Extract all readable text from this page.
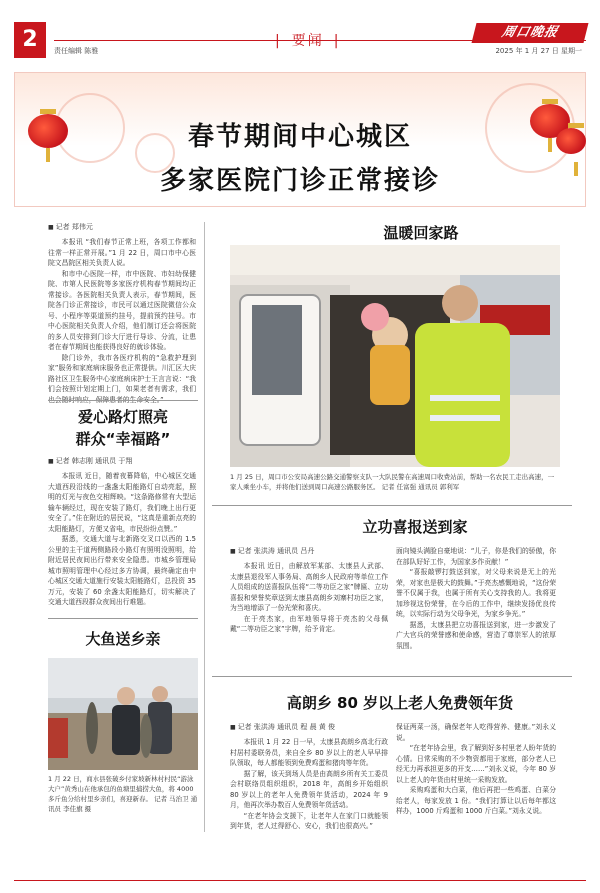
2	| 要闻 |
周口晚报
责任编辑 陈雅	2025 年 1 月 27 日 星期一
春节期间中心城区
多家医院门诊正常接诊
■ 记者 郑伟元

本报讯 “我们春节正常上班，各项工作都和往常一样正常开展。”1 月 22 日，周口市中心医院文昌院区相关负责人说。

和市中心医院一样，市中医院、市妇幼保健院、市第人民医院等多家医疗机构春节期间均正常接诊。各医院相关负责人表示，春节期间，医院各门诊正常接诊，市民可以通过医院微信公众号、小程序等渠道预约挂号，提前预约挂号。市中心医院相关负责人介绍，他们制订还会将医院的多人员安排到门诊大厅进行导诊、分流，让患者在春节期间也能获得良好的就诊体验。

除门诊外，我市各医疗机构的“急救护理到家”服务和家庭病床服务也正常提供。川汇区大庆路社区卫生服务中心家庭病床护士王言言说：“我们会按照计划定期上门，如果老者有需求，我们也会随时响应，保障患者的生命安全。”

爱心路灯照亮
群众“幸福路”
■ 记者 韩志刚 通讯员 于翔

本报讯 近日，随着夜幕降临，中心城区交通大道西段沿线的一盏盏太阳能路灯自动亮起，照明的灯光与夜色交相辉映。“这条路修常有大型运输车辆经过，现在安装了路灯，我们晚上出行更安全了。”住在附近的居民说，“这真是重新点亮的太阳能路灯，方便又省电，市民纷纷点赞。”

据悉，交通大道与北新路交叉口以西的 1.5 公里的主干道两侧路段小路灯有照明没照明，给附近居民夜间出行带来安全隐患。市城乡管理局城市照明管理中心经过多方协调，最终确定由中心城区交通大道施行安装太阳能路灯，总投资 35 万元，安装了 60 余盏太阳能路灯，切实解决了交通大道西段群众夜间出行难题。

大鱼送乡亲
1 月 22 日，商水县张破乡付家坡新林村村民“游泳大户”黄秀山在他承包的鱼塘里捕捞大鱼，将 4000 多斤鱼分给村里乡亲们，喜迎新春。 记者 马治卫 通讯员 李佳旗 摄
温暖回家路
1 月 25 日，周口市公安局高速公路交通警察支队一大队民警在高速周口收费站前，帮助一名农民工走出高速，一家人乘坐小车，并将他们送到周口高速公路服务区。 记者 任富强 通讯员 郭利军
立功喜报送到家
■ 记者 张洪涛 通讯员 吕丹

本报讯 近日，由解放军某部、太康县人武部、太康县退役军人事务局、高朗乡人民政府等单位工作人员组成的送喜报队伍将“二等功臣之家”牌匾、立功喜报和荣誉奖章送到太康县高朗乡刘寨村功臣之家，为当地增添了一份光荣和喜庆。

在于亮杰家，由军地领导将于亮杰的父母佩戴“二等功臣之家”字牌，给予肯定。

面向镜头满脸自豪地说：“儿子，你是我们的骄傲，你在部队好好工作，为国家多作贡献！”

“喜报敲锣打鼓送到家，对父母来说是无上的光荣，对家也是极大的鼓舞。”于亮杰感慨地说，“这份荣誉不仅属于我，也属于所有关心支持我的人。我将更加珍视这份荣誉，在今后的工作中，继续发扬优良传统，以实际行动为父母争光，为家乡争光。”

据悉，太康县把立功喜报送到家，进一步激发了广大官兵的荣誉感和使命感，营造了尊崇军人的浓厚氛围。

高朗乡 80 岁以上老人免费领年货
■ 记者 张洪涛 通讯员 程 晨 黄 俊

本报讯 1 月 22 日一早，太康县高朗乡高北行政村居村委联务员，来自全乡 80 岁以上的老人早早排队领取，每人都能领到免费鸡蛋和猪肉等年货。

据了解，该天到场人员是由高朗乡所有关工委员会村联络员组织组织，2018 年，高朗乡开始组织 80 岁以上的老年人免费领年货活动，2024 年 9 月，他再次举办数百人免费领年货活动。

“在老年协会支援下，让老年人在家门口就能领到年货，老人过得舒心、安心，我们也很高兴。”

保证两菜一汤，确保老年人吃得营养、健康。”刘永义说。

“在老年协会里，我了解到好多村里老人盼年货的心情。日常采购的不少物资都用于家庭，部分老人已经无力再承担更多的开支……”刘永义说，今年 80 岁以上老人的年货由村里统一采购发放。

采购鸡蛋和大白菜，他后再把一些鸡蛋、白菜分给老人，每家发放 1 份。“我们打算让以后每年都这样办，1000 斤鸡蛋和 1000 斤白菜。”刘永义说。
